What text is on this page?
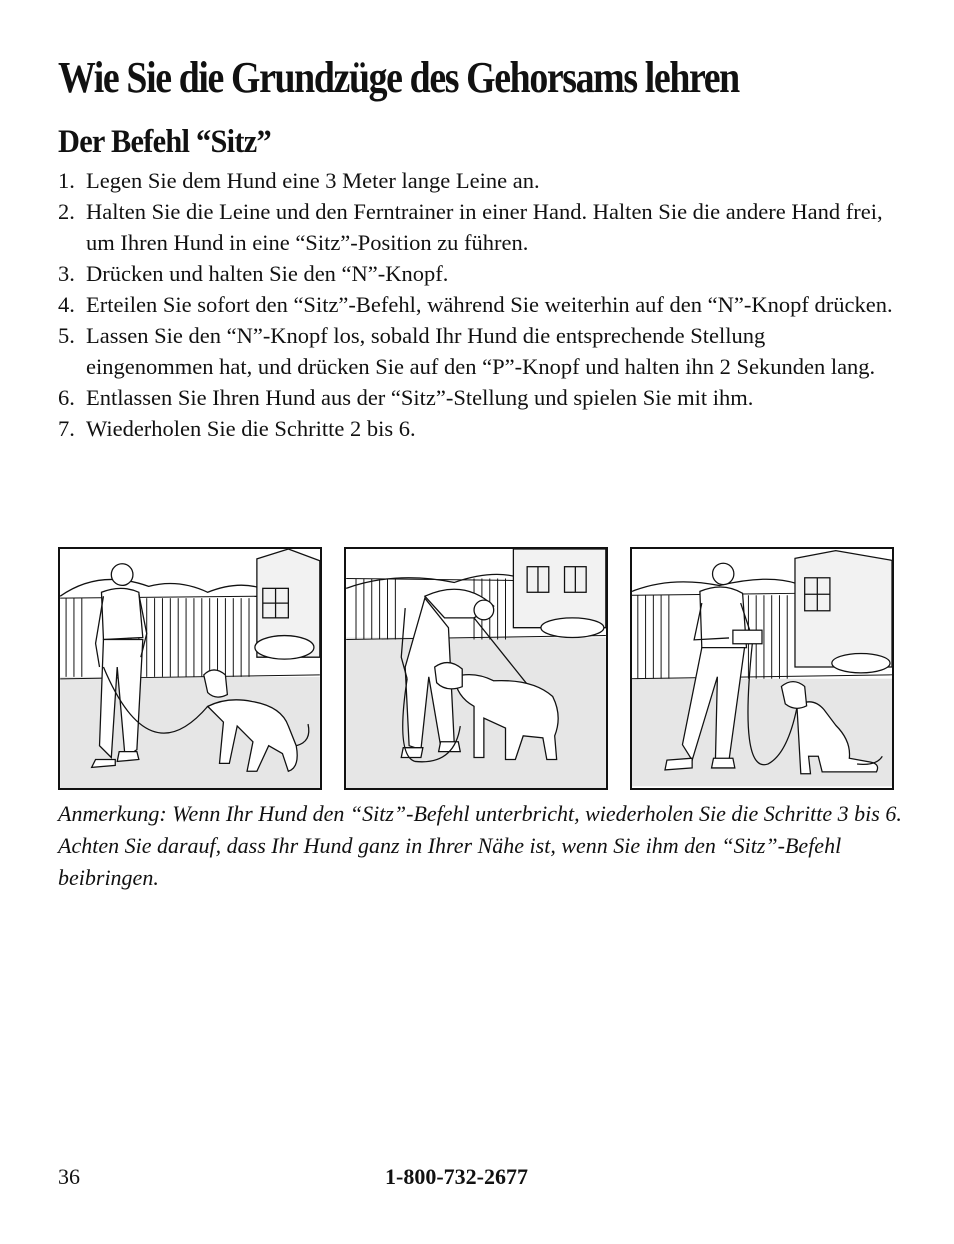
Wie Sie die Grundzüge des Gehorsams lehren
Der Befehl “Sitz”
1. Legen Sie dem Hund eine 3 Meter lange Leine an.
2. Halten Sie die Leine und den Ferntrainer in einer Hand. Halten Sie die andere Hand frei, um Ihren Hund in eine “Sitz”-Position zu führen.
3. Drücken und halten Sie den “N”-Knopf.
4. Erteilen Sie sofort den “Sitz”-Befehl, während Sie weiterhin auf den “N”-Knopf drücken.
5. Lassen Sie den “N”-Knopf los, sobald Ihr Hund die entsprechende Stellung eingenommen hat, und drücken Sie auf den “P”-Knopf und halten ihn 2 Sekunden lang.
6. Entlassen Sie Ihren Hund aus der “Sitz”-Stellung und spielen Sie mit ihm.
7. Wiederholen Sie die Schritte 2 bis 6.

Anmerkung: Wenn Ihr Hund den “Sitz”-Befehl unterbricht, wiederholen Sie die Schritte 3 bis 6. Achten Sie darauf, dass Ihr Hund ganz in Ihrer Nähe ist, wenn Sie ihm den “Sitz”-Befehl beibringen.

36	1-800-732-2677
